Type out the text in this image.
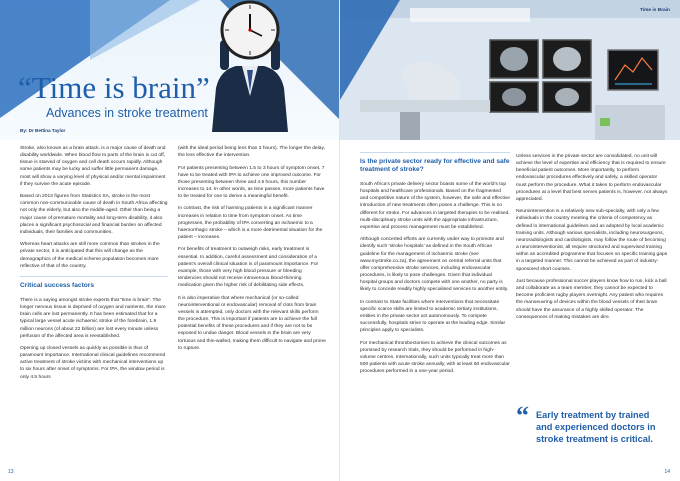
“Time is brain”
Advances in stroke treatment
By: Dr Bettina Taylor

Stroke, also known as a brain attack, is a major cause of death and disability worldwide. When blood flow to parts of the brain is cut off, tissue is starved of oxygen and cell death occurs rapidly. Although some patients may be lucky and suffer little permanent damage, most will show a varying level of physical and/or mental impairment if they survive the acute episode.

Based on 2013 figures from Statistics SA, stroke is the most common non-communicable cause of death in South Africa affecting not only the elderly, but also the middle-aged. Other than being a major cause of premature mortality and long-term disability, it also places a significant psychosocial and financial burden on affected individuals, their families and communities.

Whereas heart attacks are still more common than strokes in the private sector, it is anticipated that this will change as the demographics of the medical scheme population becomes more reflective of that of the country.

Critical success factors

There is a saying amongst stroke experts that “time is brain”. The longer nervous tissue is deprived of oxygen and nutrients, the more brain cells are lost permanently. It has been estimated that for a typical large vessel acute ischaemic stroke of the forebrain, 1.9 million neurons (of about 22 billion) are lost every minute unless perfusion of the affected area is reestablished.

Opening up closed vessels as quickly as possible is thus of paramount importance. International clinical guidelines recommend active treatment of stroke victims with mechanical interventions up to six hours after onset of symptoms. For tPA, the window period is only 4.5 hours

(with the ideal period being less than 3 hours). The longer the delay, the less effective the intervention.

For patients presenting between 1.5 to 3 hours of symptom onset, 7 have to be treated with tPA to achieve one improved outcome. For those presenting between three and 4.5 hours, this number increases to 14. In other words, as time passes, more patients have to be treated for one to derive a meaningful benefit.

In contrast, the risk of harming patients in a significant manner increases in relation to time from symptom onset. As time progresses, the probability of tPA converting an ischaemic to a haemorrhagic stroke – which is a more detrimental situation for the patient – increases.

For benefits of treatment to outweigh risks, early treatment is essential. In addition, careful assessment and consideration of a patient’s overall clinical situation is of paramount importance. For example, those with very high blood pressure or bleeding tendencies should not receive intravenous blood-thinning medication given the higher risk of debilitating side effects.

It is also imperative that where mechanical (or so-called neurointerventional or endovascular) removal of clots from brain vessels is attempted, only doctors with the relevant skills perform the procedure. This is important if patients are to achieve the full potential benefits of these procedures and if they are not to be exposed to undue danger. Blood vessels in the brain are very tortuous and thin-walled, making them difficult to navigate and prone to rupture.

13
Time is Brain
Is the private sector ready for effective and safe treatment of stroke?

South Africa’s private delivery sector boasts some of the world’s top hospitals and healthcare professionals. Based on the fragmented and competitive nature of the system, however, the safe and effective introduction of new treatments often poses a challenge. This is no different for stroke. For advances in targeted therapies to be realised, multi-disciplinary stroke units with the appropriate infrastructure, expertise and process management must be established.

Although concerted efforts are currently under way to promote and identify such ‘stroke hospitals’ as defined in the South African guideline for the management of ischaemic stroke (see www.mystroke.co.za), the agreement on central referral units that offer comprehensive stroke services, including endovascular procedures, is likely to pose challenges. Given that individual hospital groups and doctors compete with one another, no party is likely to concede readily highly specialised services to another entity.

In contrast to State facilities where interventions that necessitate specific scarce skills are limited to academic tertiary institutions, entities in the private sector act autonomously. To compete successfully, hospitals strive to operate at the leading edge. Similar principles apply to specialists.

For mechanical thrombectomies to achieve the clinical outcomes as promised by research trials, they should be performed in high-volume centres. Internationally, such units typically treat more than 500 patients with acute stroke annually, with at least 60 endovascular procedures performed in a one-year period.

Unless services in the private sector are consolidated, no unit will achieve the level of expertise and efficiency that is required to ensure beneficial patient outcomes. More importantly, to perform endovascular procedures effectively and safely, a skilled operator must perform the procedure. What it takes to perform endovascular procedures at a level that best serves patients is, however, not always appreciated.

Neurointervention is a relatively new sub-specialty, with only a few individuals in the country meeting the criteria of competency as defined in international guidelines and as adopted by local academic training units. Although various specialists, including neurosurgeons, neuroradiologists and cardiologists, may follow the route of becoming a neurointerventionist, all require structured and supervised training within an accredited programme that focuses on specific training gaps in a targeted manner. This cannot be achieved as part of industry-sponsored short courses.

Just because professional soccer players know how to run, kick a ball and collaborate as a team member, they cannot be expected to become proficient rugby players overnight. Any patient who requires the manoeuvring of devices within the blood vessels of their brain should have the assurance of a highly skilled operator. The consequences of making mistakes are dire.

“ Early treatment by trained and experienced doctors in stroke treatment is critical.
14
